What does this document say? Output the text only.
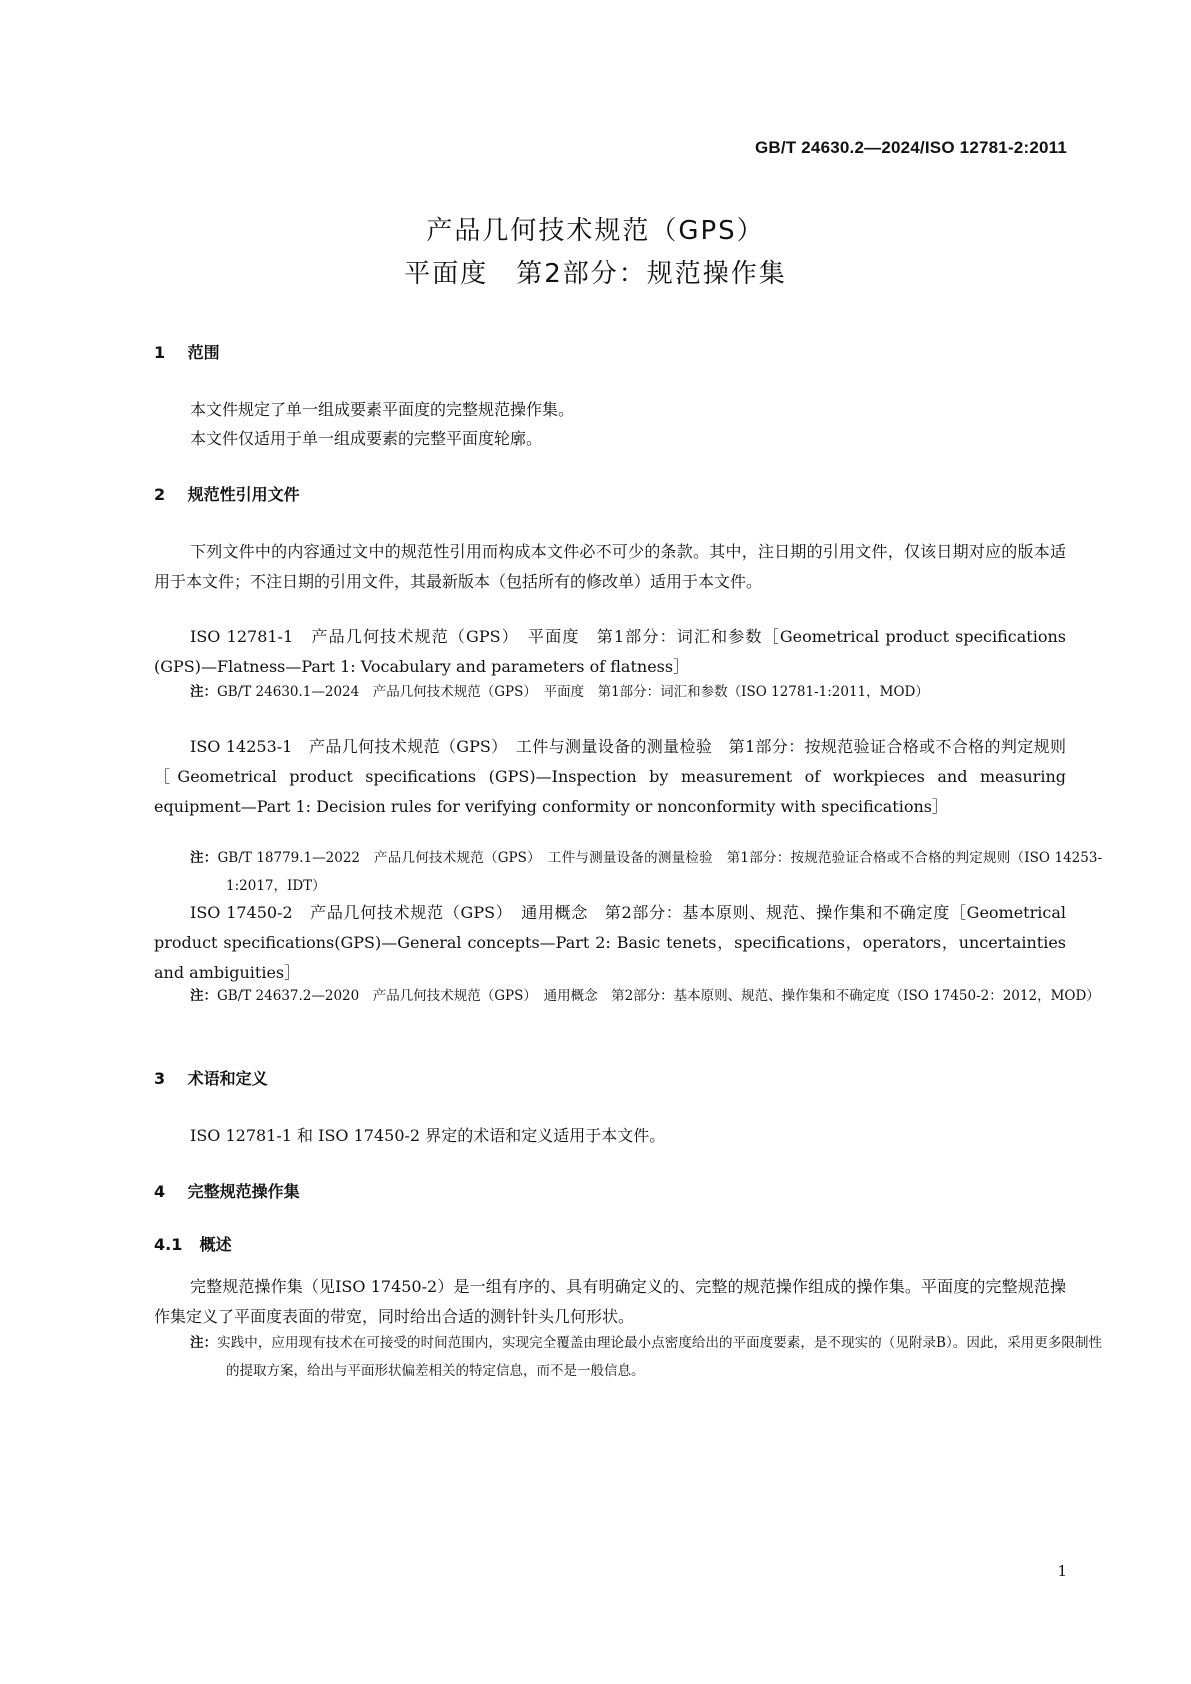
GB/T 24630.2—2024/ISO 12781-2:2011
产品几何技术规范（GPS）
平面度　第2部分：规范操作集
1 范围
本文件规定了单一组成要素平面度的完整规范操作集。
本文件仅适用于单一组成要素的完整平面度轮廓。
2 规范性引用文件
下列文件中的内容通过文中的规范性引用而构成本文件必不可少的条款。其中，注日期的引用文件，仅该日期对应的版本适用于本文件；不注日期的引用文件，其最新版本（包括所有的修改单）适用于本文件。
ISO 12781-1　产品几何技术规范（GPS）　平面度　第1部分：词汇和参数［Geometrical product specifications (GPS)—Flatness—Part 1: Vocabulary and parameters of flatness］
注：GB/T 24630.1—2024　产品几何技术规范（GPS）　平面度　第1部分：词汇和参数（ISO 12781-1:2011，MOD）
ISO 14253-1　产品几何技术规范（GPS）　工件与测量设备的测量检验　第1部分：按规范验证合格或不合格的判定规则［Geometrical product specifications (GPS)—Inspection by measurement of workpieces and measuring equipment—Part 1: Decision rules for verifying conformity or nonconformity with specifications］
注：GB/T 18779.1—2022　产品几何技术规范（GPS）　工件与测量设备的测量检验　第1部分：按规范验证合格或不合格的判定规则（ISO 14253-1:2017，IDT）
ISO 17450-2　产品几何技术规范（GPS）　通用概念　第2部分：基本原则、规范、操作集和不确定度［Geometrical product specifications(GPS)—General concepts—Part 2: Basic tenets，specifications，operators，uncertainties and ambiguities］
注：GB/T 24637.2—2020　产品几何技术规范（GPS）　通用概念　第2部分：基本原则、规范、操作集和不确定度（ISO 17450-2：2012，MOD）
3 术语和定义
ISO 12781-1 和 ISO 17450-2 界定的术语和定义适用于本文件。
4 完整规范操作集
4.1 概述
完整规范操作集（见ISO 17450-2）是一组有序的、具有明确定义的、完整的规范操作组成的操作集。平面度的完整规范操作集定义了平面度表面的带宽，同时给出合适的测针针头几何形状。
注：实践中，应用现有技术在可接受的时间范围内，实现完全覆盖由理论最小点密度给出的平面度要素，是不现实的（见附录B）。因此，采用更多限制性的提取方案，给出与平面形状偏差相关的特定信息，而不是一般信息。
1
